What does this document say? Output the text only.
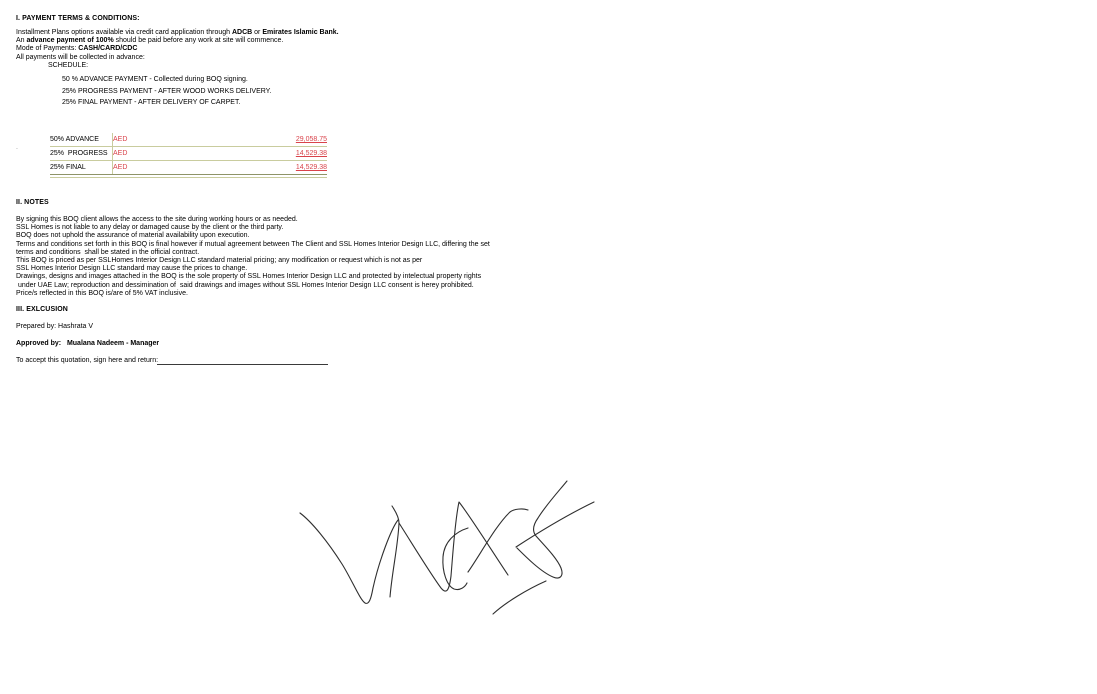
I. PAYMENT TERMS & CONDITIONS:
Installment Plans options available via credit card application through ADCB or Emirates Islamic Bank.
An advance payment of 100% should be paid before any work at site will commence.
Mode of Payments: CASH/CARD/CDC
All payments will be collected in advance:
SCHEDULE:
50 % ADVANCE PAYMENT - Collected during BOQ signing.
25% PROGRESS PAYMENT - AFTER WOOD WORKS DELIVERY.
25% FINAL PAYMENT - AFTER DELIVERY OF CARPET.
.
50% ADVANCE	AED	29,058.75
25%  PROGRESS	AED	14,529.38
25% FINAL	AED	14,529.38
II. NOTES
By signing this BOQ client allows the access to the site during working hours or as needed.
SSL Homes is not liable to any delay or damaged cause by the client or the third party.
BOQ does not uphold the assurance of material availability upon execution.
Terms and conditions set forth in this BOQ is final however if mutual agreement between The Client and SSL Homes Interior Design LLC, differing the set
terms and conditions  shall be stated in the official contract.
This BOQ is priced as per SSLHomes Interior Design LLC standard material pricing; any modification or request which is not as per
SSL Homes Interior Design LLC standard may cause the prices to change.
Drawings, designs and images attached in the BOQ is the sole property of SSL Homes Interior Design LLC and protected by intelectual property rights
under UAE Law; reproduction and dessimination of  said drawings and images without SSL Homes Interior Design LLC consent is herey prohibited.
Price/s reflected in this BOQ is/are of 5% VAT inclusive.
III. EXLCUSION
Prepared by: Hashrata V
Approved by:   Mualana Nadeem - Manager
To accept this quotation, sign here and return:
